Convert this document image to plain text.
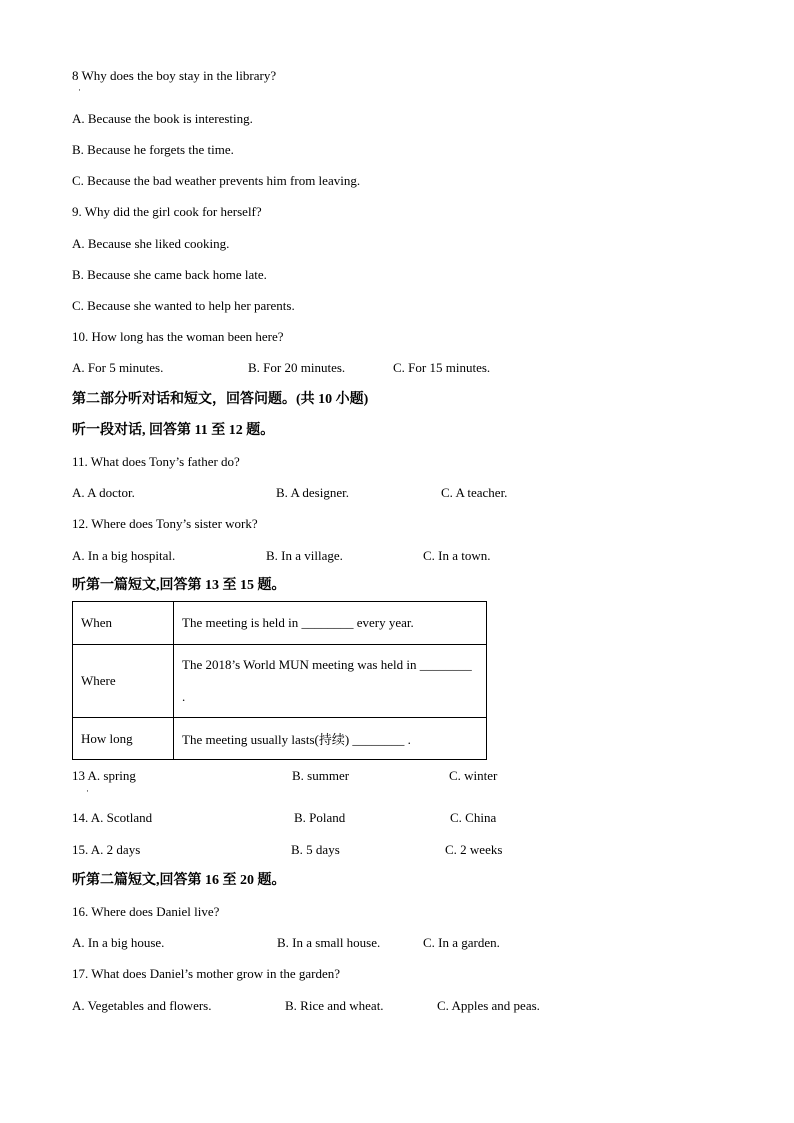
8 Why does the boy stay in the library?
·
A. Because the book is interesting.
B. Because he forgets the time.
C. Because the bad weather prevents him from leaving.
9. Why did the girl cook for herself?
A. Because she liked cooking.
B. Because she came back home late.
C. Because she wanted to help her parents.
10. How long has the woman been here?
A. For 5 minutes.	B. For 20 minutes.	C. For 15 minutes.
第二部分听对话和短文，回答问题。(共 10 小题)
听一段对话, 回答第 11 至 12 题。
11. What does Tony’s father do?
A. A doctor.	B. A designer.	C. A teacher.
12. Where does Tony’s sister work?
A. In a big hospital.	B. In a village.	C. In a town.
听第一篇短文,回答第 13 至 15 题。
When	The meeting is held in ________ every year.
Where	The 2018’s World MUN meeting was held in ________ .
How long	The meeting usually lasts(持续) ________ .
13 A. spring	B. summer	C. winter
·
14. A. Scotland	B. Poland	C. China
15. A. 2 days	B. 5 days	C. 2 weeks
听第二篇短文,回答第 16 至 20 题。
16. Where does Daniel live?
A. In a big house.	B. In a small house.	C. In a garden.
17. What does Daniel’s mother grow in the garden?
A. Vegetables and flowers.	B. Rice and wheat.	C. Apples and peas.
